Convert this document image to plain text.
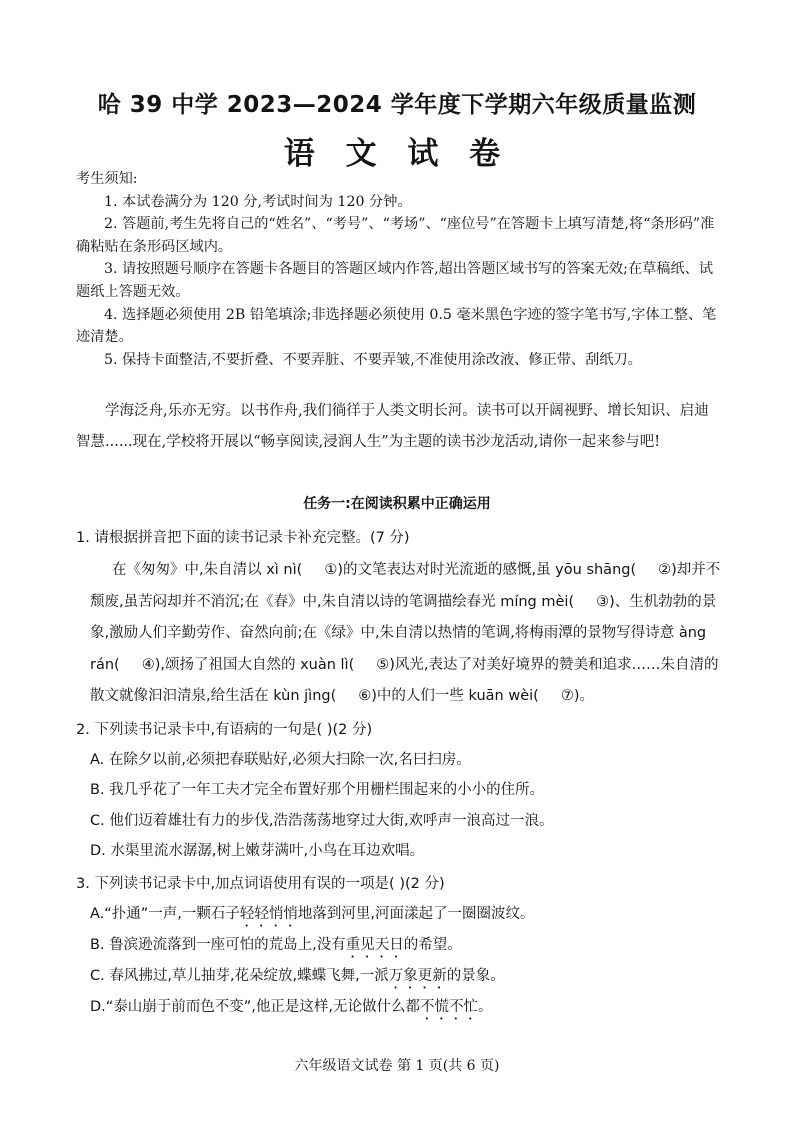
哈 39 中学 2023—2024 学年度下学期六年级质量监测
语 文 试 卷
考生须知:
1. 本试卷满分为 120 分,考试时间为 120 分钟。
2. 答题前,考生先将自己的“姓名”、“考号”、“考场”、“座位号”在答题卡上填写清楚,将“条形码”准确粘贴在条形码区域内。
3. 请按照题号顺序在答题卡各题目的答题区域内作答,超出答题区域书写的答案无效;在草稿纸、试题纸上答题无效。
4. 选择题必须使用 2B 铅笔填涂;非选择题必须使用 0.5 毫米黑色字迹的签字笔书写,字体工整、笔迹清楚。
5. 保持卡面整洁,不要折叠、不要弄脏、不要弄皱,不准使用涂改液、修正带、刮纸刀。
学海泛舟,乐亦无穷。以书作舟,我们徜徉于人类文明长河。读书可以开阔视野、增长知识、启迪智慧......现在,学校将开展以“畅享阅读,浸润人生”为主题的读书沙龙活动,请你一起来参与吧!
任务一:在阅读积累中正确运用
1. 请根据拼音把下面的读书记录卡补充完整。(7 分)
在《匆匆》中,朱自清以 xì nì( ①)的文笔表达对时光流逝的感慨,虽 yōu shāng( ②)却并不颓废,虽苦闷却并不消沉;在《春》中,朱自清以诗的笔调描绘春光 míng mèi( ③)、生机勃勃的景象,激励人们辛勤劳作、奋然向前;在《绿》中,朱自清以热情的笔调,将梅雨潭的景物写得诗意 àng rán( ④),颂扬了祖国大自然的 xuàn lì( ⑤)风光,表达了对美好境界的赞美和追求……朱自清的散文就像汩汩清泉,给生活在 kùn jìng( ⑥)中的人们一些 kuān wèi( ⑦)。
2. 下列读书记录卡中,有语病的一句是( )(2 分)
A. 在除夕以前,必须把春联贴好,必须大扫除一次,名曰扫房。
B. 我几乎花了一年工夫才完全布置好那个用栅栏围起来的小小的住所。
C. 他们迈着雄壮有力的步伐,浩浩荡荡地穿过大街,欢呼声一浪高过一浪。
D. 水渠里流水潺潺,树上嫩芽满叶,小鸟在耳边欢唱。
3. 下列读书记录卡中,加点词语使用有误的一项是( )(2 分)
A.“扑通”一声,一颗石子轻轻悄悄地落到河里,河面漾起了一圈圈波纹。
B. 鲁滨逊流落到一座可怕的荒岛上,没有重见天日的希望。
C. 春风拂过,草儿抽芽,花朵绽放,蝶蝶飞舞,一派万象更新的景象。
D.“泰山崩于前而色不变”,他正是这样,无论做什么都不慌不忙。
六年级语文试卷 第 1 页(共 6 页)
